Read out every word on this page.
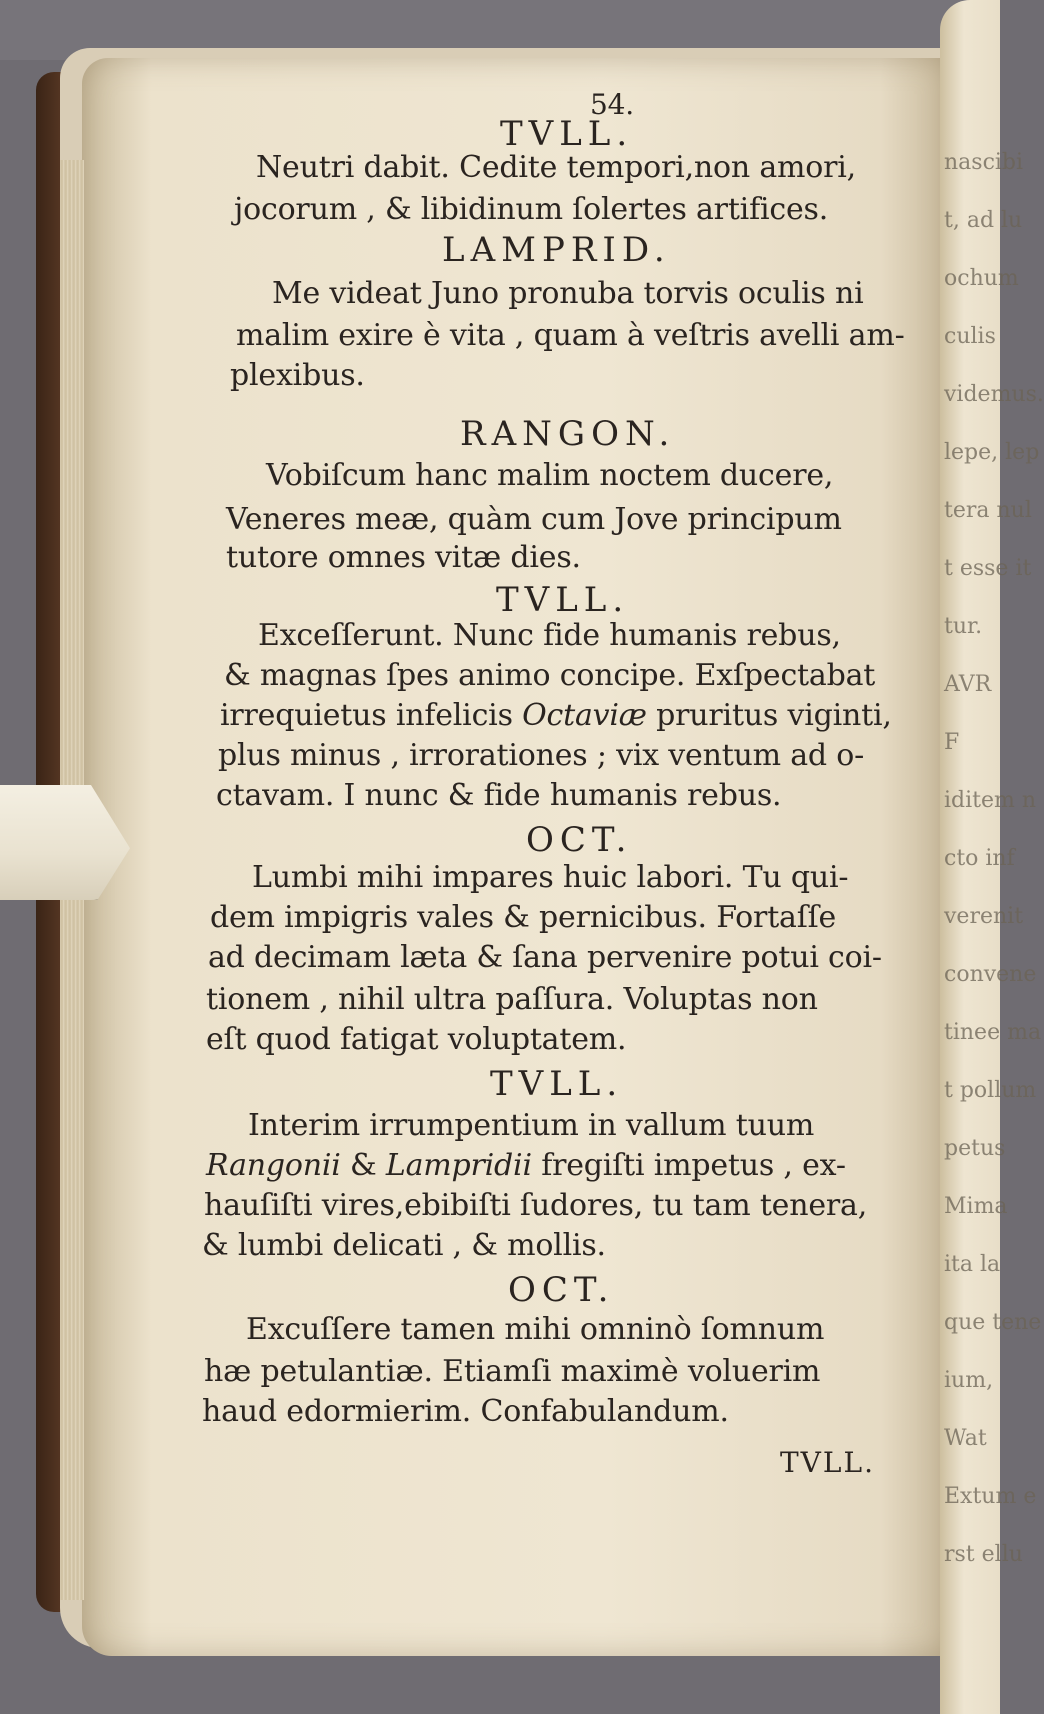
nascibi
t, ad lu
ochum
culis
videmus.
lepe, lep
tera nul
t esse it
tur.
AVR
F
iditem n
cto inf
verenit
convene
tinee ma
t pollum
petus
Mima
ita la
que tene
ium,
Wat
Extum e
rst ellu
54.
TVLL.
Neutri dabit. Cedite tempori,non amori,
jocorum , & libidinum ſolertes artifices.
LAMPRID.
Me videat Juno pronuba torvis oculis ni
malim exire è vita , quam à veſtris avelli am-
plexibus.
RANGON.
Vobiſcum hanc malim noctem ducere,
Veneres meæ, quàm cum Jove principum
tutore omnes vitæ dies.
TVLL.
Exceſſerunt. Nunc fide humanis rebus,
& magnas ſpes animo concipe. Exſpectabat
irrequietus infelicis Octaviæ pruritus viginti,
plus minus , irrorationes ; vix ventum ad o-
ctavam. I nunc & fide humanis rebus.
OCT.
Lumbi mihi impares huic labori. Tu qui-
dem impigris vales & pernicibus. Fortaſſe
ad decimam læta & ſana pervenire potui coi-
tionem , nihil ultra paſſura. Voluptas non
eſt quod fatigat voluptatem.
TVLL.
Interim irrumpentium in vallum tuum
Rangonii & Lampridii fregiſti impetus , ex-
hauſiſti vires,ebibiſti ſudores, tu tam tenera,
& lumbi delicati , & mollis.
OCT.
Excuſſere tamen mihi omninò ſomnum
hæ petulantiæ. Etiamſi maximè voluerim
haud edormierim. Confabulandum.
TVLL.
